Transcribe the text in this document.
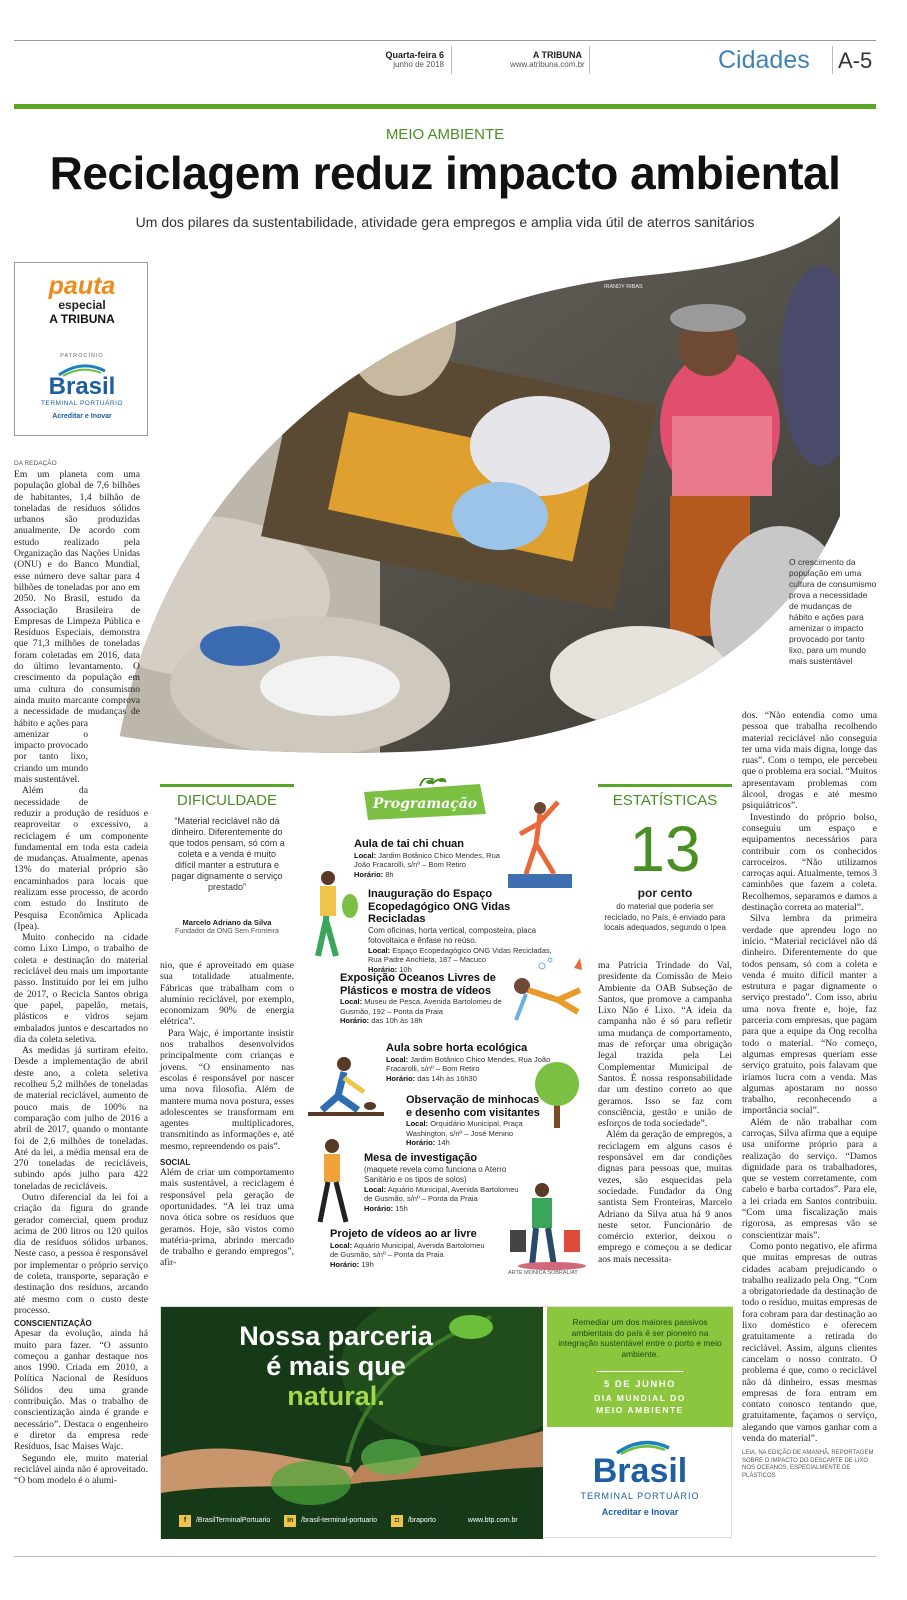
Quarta-feira 6
junho de 2018
A TRIBUNA
www.atribuna.com.br	Cidades A-5
MEIO AMBIENTE
Reciclagem reduz impacto ambiental
Um dos pilares da sustentabilidade, atividade gera empregos e amplia vida útil de aterros sanitários
pauta
especial
A TRIBUNA
PATROCÍNIO
Brasil
TERMINAL PORTUÁRIO
Acreditar e Inovar
IRANDY RIBAS
O crescimento da população em uma cultura de consumismo prova a necessidade de mudanças de hábito e ações para amenizar o impacto provocado por tanto lixo, para um mundo mais sustentável
DA REDAÇÃO

Em um planeta com uma população global de 7,6 bilhões de habitantes, 1,4 bilhão de toneladas de resíduos sólidos urbanos são produzidas anualmente. De acordo com estudo realizado pela Organização das Nações Unidas (ONU) e do Banco Mundial, esse número deve saltar para 4 bilhões de toneladas por ano em 2050. No Brasil, estudo da Associação Brasileira de Empresas de Limpeza Pública e Resíduos Especiais, demonstra que 71,3 milhões de toneladas foram coletadas em 2016, data do último levantamento. O crescimento da população em uma cultura do consumismo ainda muito marcante comprova a necessidade de mudanças de hábito e ações para amenizar o impacto provocado por tanto lixo, criando um mundo mais sustentável.

Além da necessidade de reduzir a produção de resíduos e reaproveitar o excessivo, a reciclagem é um componente fundamental em toda esta cadeia de mudanças. Atualmente, apenas 13% do material próprio são encaminhados para locais que realizam esse processo, de acordo com estudo do Instituto de Pesquisa Econômica Aplicada (Ipea).

Muito conhecido na cidade como Lixo Limpo, o trabalho de coleta e destinação do material reciclável deu mais um importante passo. Instituído por lei em julho de 2017, o Recicla Santos obriga que papel, papelão, metais, plásticos e vidros sejam embalados juntos e descartados no dia da coleta seletiva.

As medidas já surtiram efeito. Desde a implementação de abril deste ano, a coleta seletiva recolheu 5,2 milhões de toneladas de material reciclável, aumento de pouco mais de 100% na comparação com julho de 2016 a abril de 2017, quando o montante foi de 2,6 milhões de toneladas. Até da lei, a média mensal era de 270 toneladas de recicláveis, subindo após julho para 422 toneladas de recicláveis.

Outro diferencial da lei foi a criação da figura do grande gerador comercial, quem produz acima de 200 litros ou 120 quilos dia de resíduos sólidos urbanos. Neste caso, a pessoa é responsável por implementar o próprio serviço de coleta, transporte, separação e destinação dos resíduos, arcando até mesmo com o custo deste processo.

CONSCIENTIZAÇÃO

Apesar da evolução, ainda há muito para fazer. “O assunto começou a ganhar destaque nos anos 1990. Criada em 2010, a Política Nacional de Resíduos Sólidos deu uma grande contribuição. Mas o trabalho de conscientização ainda é grande e necessário”. Destaca o engenheiro e diretor da empresa rede Resíduos, Isac Maises Wajc.

Segundo ele, muito material reciclável ainda não é aproveitado. “O bom modelo é o alumi-

DIFICULDADE
“Material reciclável não dá dinheiro. Diferentemente do que todos pensam, só com a coleta e a venda é muito difícil manter a estrutura e pagar dignamente o serviço prestado”
Marcelo Adriano da Silva
Fundador da ONG Sem Fronteira

nio, que é aproveitado em quase sua totalidade atualmente. Fábricas que trabalham com o alumínio reciclável, por exemplo, economizam 90% de energia elétrica”.

Para Wajc, é importante insistir nos trabalhos desenvolvidos principalmente com crianças e jovens. “O ensinamento nas escolas é responsável por nascer uma nova filosofia. Além de mantere muma nova postura, esses adolescentes se transformam em agentes multiplicadores, transmitindo as informações e, até mesmo, repreendendo os pais”.

SOCIAL

Além de criar um comportamento mais sustentável, a reciclagem é responsável pela geração de oportunidades. “A lei traz uma nova ótica sobre os resíduos que geramos. Hoje, são vistos como matéria-prima, abrindo mercado de trabalho e gerando empregos”, afir-

Programação
Aula de tai chi chuan
Local: Jardim Botânico Chico Mendes, Rua João Fracarolli, s/nº – Bom Retiro
Horário: 8h
Inauguração do Espaço Ecopedagógico ONG Vidas Recicladas
Com oficinas, horta vertical, composteira, placa fotovoltaica e ênfase no reúso.
Local: Espaço Ecopedagógico ONG Vidas Recicladas, Rua Padre Anchieta, 187 – Macuco
Horário: 10h
Exposição Oceanos Livres de Plásticos e mostra de vídeos
Local: Museu de Pesca, Avenida Bartolomeu de Gusmão, 192 – Ponta da Praia
Horário: das 10h às 18h
Aula sobre horta ecológica
Local: Jardim Botânico Chico Mendes, Rua João Fracarolli, s/nº – Bom Retiro
Horário: das 14h às 16h30
Observação de minhocas e desenho com visitantes
Local: Orquidário Municipal, Praça Washington, s/nº – José Menino
Horário: 14h
Mesa de investigação
(maquete revela como funciona o Aterro Sanitário e os tipos de solos)
Local: Aquário Municipal, Avenida Bartolomeu de Gusmão, s/nº – Ponta da Praia
Horário: 15h
Projeto de vídeos ao ar livre
Local: Aquário Municipal, Avenida Bartolomeu de Gusmão, s/nº – Ponta da Praia
Horário: 19h
ARTE MONICA SOBRAL/AT
ESTATÍSTICAS
13
por cento
do material que poderia ser reciclado, no País, é enviado para locais adequados, segundo o Ipea

ma Patrícia Trindade do Val, presidente da Comissão de Meio Ambiente da OAB Subseção de Santos, que promove a campanha Lixo Não é Lixo. “A ideia da campanha não é só para refletir uma mudança de comportamento, mas de reforçar uma obrigação legal trazida pela Lei Complementar Municipal de Santos. É nossa responsabilidade dar um destino correto ao que geramos. Isso se faz com consciência, gestão e união de esforços de toda sociedade”.

Além da geração de empregos, a reciclagem em alguns casos é responsável em dar condições dignas para pessoas que, muitas vezes, são esquecidas pela sociedade. Fundador da Ong santista Sem Fronteiras, Marcelo Adriano da Silva atua há 9 anos neste setor. Funcionário de comércio exterior, deixou o emprego e começou a se dedicar aos mais necessita-

dos. “Não entendia como uma pessoa que trabalha recolhendo material reciclável não conseguia ter uma vida mais digna, longe das ruas”. Com o tempo, ele percebeu que o problema era social. “Muitos apresentavam problemas com álcool, drogas e até mesmo psiquiátricos”.

Investindo do próprio bolso, conseguiu um espaço e equipamentos necessários para contribuir com os conhecidos carroceiros. “Não utilizamos carroças aqui. Atualmente, temos 3 caminhões que fazem a coleta. Recolhemos, separamos e damos a destinação correta ao material”.

Silva lembra da primeira verdade que aprendeu logo no início. “Material reciclável não dá dinheiro. Diferentemente do que todos pensam, só com a coleta e venda é muito difícil manter a estrutura e pagar dignamente o serviço prestado”. Com isso, abriu uma nova frente e, hoje, faz parceria com empresas, que pagam para que a equipe da Ong recolha todo o material. “No começo, algumas empresas queriam esse serviço gratuito, pois falavam que iríamos lucra com a venda. Mas algumas apostaram no nosso trabalho, reconhecendo a importância social”.

Além de não trabalhar com carroças, Silva afirma que a equipe usa uniforme próprio para a realização do serviço. “Damos dignidade para os trabalhadores, que se vestem corretamente, com cabelo e barba cortados”. Para ele, a lei criada em Santos contribuiu. “Com uma fiscalização mais rigorosa, as empresas vão se conscientizar mais”.

Como ponto negativo, ele afirma que muitas empresas de outras cidades acabam prejudicando o trabalho realizado pela Ong. “Com a obrigatoriedade da destinação de todo o resíduo, muitas empresas de fora cobram para dar destinação ao lixo doméstico e oferecem gratuitamente a retirada do reciclável. Assim, alguns clientes cancelam o nosso contrato. O problema é que, como o reciclável não dá dinheiro, essas mesmas empresas de fora entram em contato conosco tentando que, gratuitamente, façamos o serviço, alegando que vamos ganhar com a venda do material”.

LEIA, NA EDIÇÃO DE AMANHÃ, REPORTAGEM SOBRE O IMPACTO DO DESCARTE DE LIXO NOS OCEANOS, ESPECIALMENTE DE PLÁSTICOS
Nossa parceria
é mais que
natural.
f /BrasilTerminalPortuario in /brasil-terminal-portuario	◘ /braporto	www.btp.com.br
Remediar um dos maiores passivos ambientais do país é ser pioneiro na integração sustentável entre o porto e meio ambiente.
5 DE JUNHO
DIA MUNDIAL DO
MEIO AMBIENTE
Brasil
TERMINAL PORTUÁRIO
Acreditar e Inovar
